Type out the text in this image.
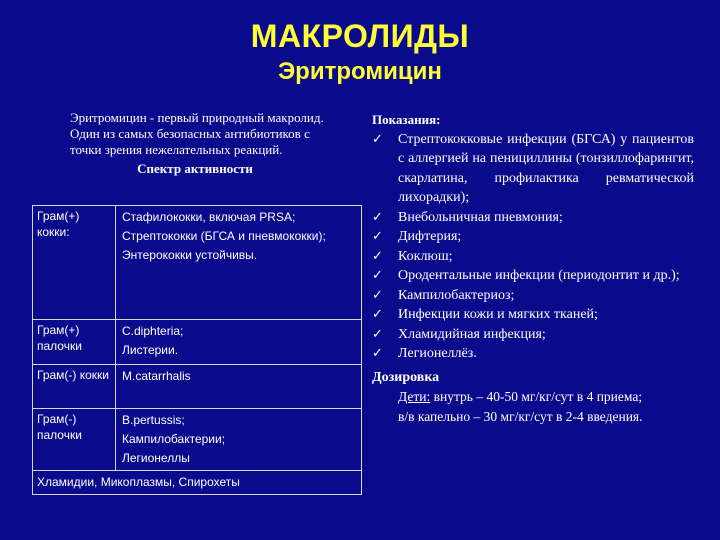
МАКРОЛИДЫ
Эритромицин
Эритромицин - первый природный макролид.
Один из самых безопасных антибиотиков с
точки зрения нежелательных реакций.
Спектр активности
Грам(+) кокки:	Стафилококки, включая PRSA;
Стрептококки (БГСА и пневмококки);
Энтерококки устойчивы.

Грам(+) палочки	C.diphteria;
Листерии.

Грам(-) кокки	M.catarrhalis

Грам(-) палочки	B.pertussis;
Кампилобактерии;
Легионеллы

Хламидии, Микоплазмы, Спирохеты	
Показания:
✓	Стрептококковые инфекции (БГСА) у пациентов с аллергией на пенициллины (тонзиллофарингит, скарлатина, профилактика ревматической лихорадки);
✓	Внебольничная пневмония;
✓	Дифтерия;
✓	Коклюш;
✓	Ородентальные инфекции (периодонтит и др.);
✓	Кампилобактериоз;
✓	Инфекции кожи и мягких тканей;
✓	Хламидийная инфекция;
✓	Легионеллёз.
Дозировка
Дети: внутрь – 40-50 мг/кг/сут в 4 приема;
в/в капельно – 30 мг/кг/сут в 2-4 введения.
